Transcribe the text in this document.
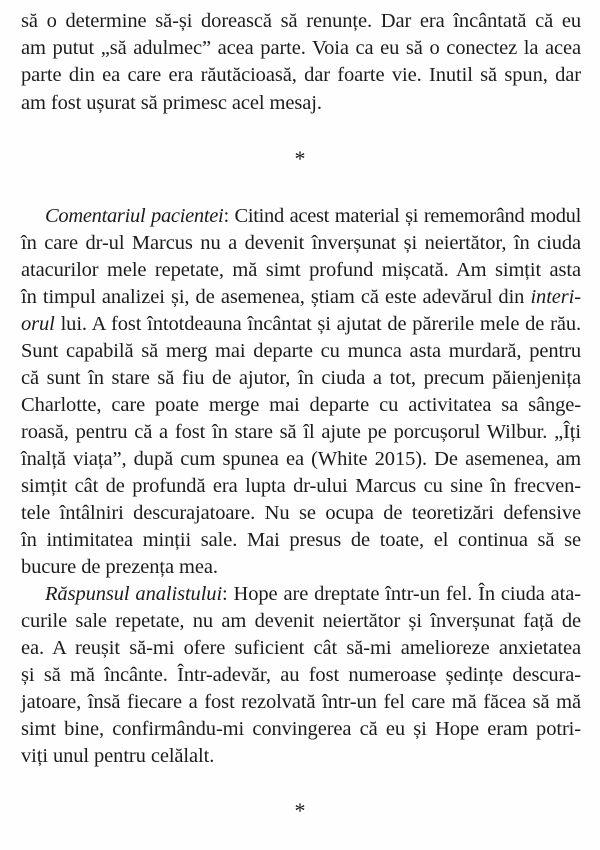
să o determine să-și dorească să renunțe. Dar era încântată că eu
am putut „să adulmec” acea parte. Voia ca eu să o conectez la acea
parte din ea care era răutăcioasă, dar foarte vie. Inutil să spun, dar
am fost ușurat să primesc acel mesaj.
*
Comentariul pacientei: Citind acest material și rememorând modul
în care dr-ul Marcus nu a devenit înverșunat și neiertător, în ciuda
atacurilor mele repetate, mă simt profund mișcată. Am simțit asta
în timpul analizei și, de asemenea, știam că este adevărul din interi-
orul lui. A fost întotdeauna încântat și ajutat de părerile mele de rău.
Sunt capabilă să merg mai departe cu munca asta murdară, pentru
că sunt în stare să fiu de ajutor, în ciuda a tot, precum păienjenița
Charlotte, care poate merge mai departe cu activitatea sa sânge-
roasă, pentru că a fost în stare să îl ajute pe porcușorul Wilbur. „Îți
înalță viața”, după cum spunea ea (White 2015). De asemenea, am
simțit cât de profundă era lupta dr-ului Marcus cu sine în frecven-
tele întâlniri descurajatoare. Nu se ocupa de teoretizări defensive
în intimitatea minții sale. Mai presus de toate, el continua să se
bucure de prezența mea.
Răspunsul analistului: Hope are dreptate într-un fel. În ciuda ata-
curile sale repetate, nu am devenit neiertător și înverșunat față de
ea. A reușit să-mi ofere suficient cât să-mi amelioreze anxietatea
și să mă încânte. Într-adevăr, au fost numeroase ședințe descura-
jatoare, însă fiecare a fost rezolvată într-un fel care mă făcea să mă
simt bine, confirmându-mi convingerea că eu și Hope eram potri-
viți unul pentru celălalt.
*
